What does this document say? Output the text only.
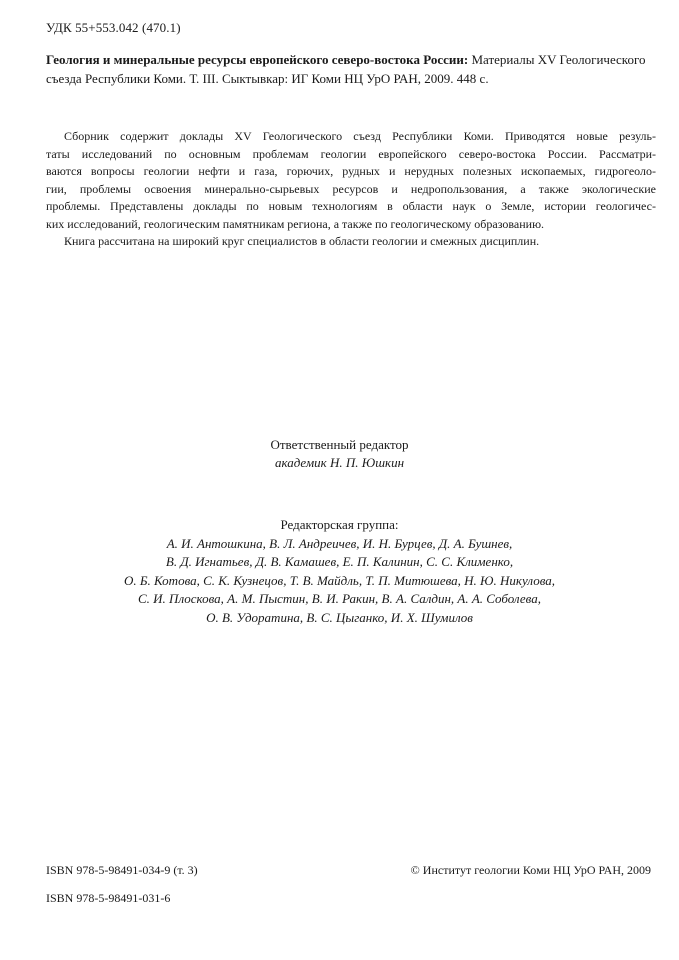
УДК 55+553.042 (470.1)

Геология и минеральные ресурсы европейского северо-востока России: Материалы XV Геологического съезда Республики Коми. Т. III. Сыктывкар: ИГ Коми НЦ УрО РАН, 2009. 448 с.

Сборник содержит доклады XV Геологического съезд Республики Коми. Приводятся новые резуль-
таты исследований по основным проблемам геологии европейского северо-востока России. Рассматри-
ваются вопросы геологии нефти и газа, горючих, рудных и нерудных полезных ископаемых, гидрогеоло-
гии, проблемы освоения минерально-сырьевых ресурсов и недропользования, а также экологические
проблемы. Представлены доклады по новым технологиям в области наук о Земле, истории геологичес-
ких исследований, геологическим памятникам региона, а также по геологическому образованию.
Книга рассчитана на широкий круг специалистов в области геологии и смежных дисциплин.
Ответственный редактор
академик Н. П. Юшкин
Редакторская группа:
А. И. Антошкина, В. Л. Андреичев, И. Н. Бурцев, Д. А. Бушнев,
В. Д. Игнатьев, Д. В. Камашев, Е. П. Калинин, С. С. Клименко,
О. Б. Котова, С. К. Кузнецов, Т. В. Майдль, Т. П. Митюшева, Н. Ю. Никулова,
С. И. Плоскова, А. М. Пыстин, В. И. Ракин, В. А. Салдин, А. А. Соболева,
О. В. Удоратина, В. С. Цыганко, И. Х. Шумилов
ISBN 978-5-98491-034-9 (т. 3)
ISBN 978-5-98491-031-6
© Институт геологии Коми НЦ УрО РАН, 2009
